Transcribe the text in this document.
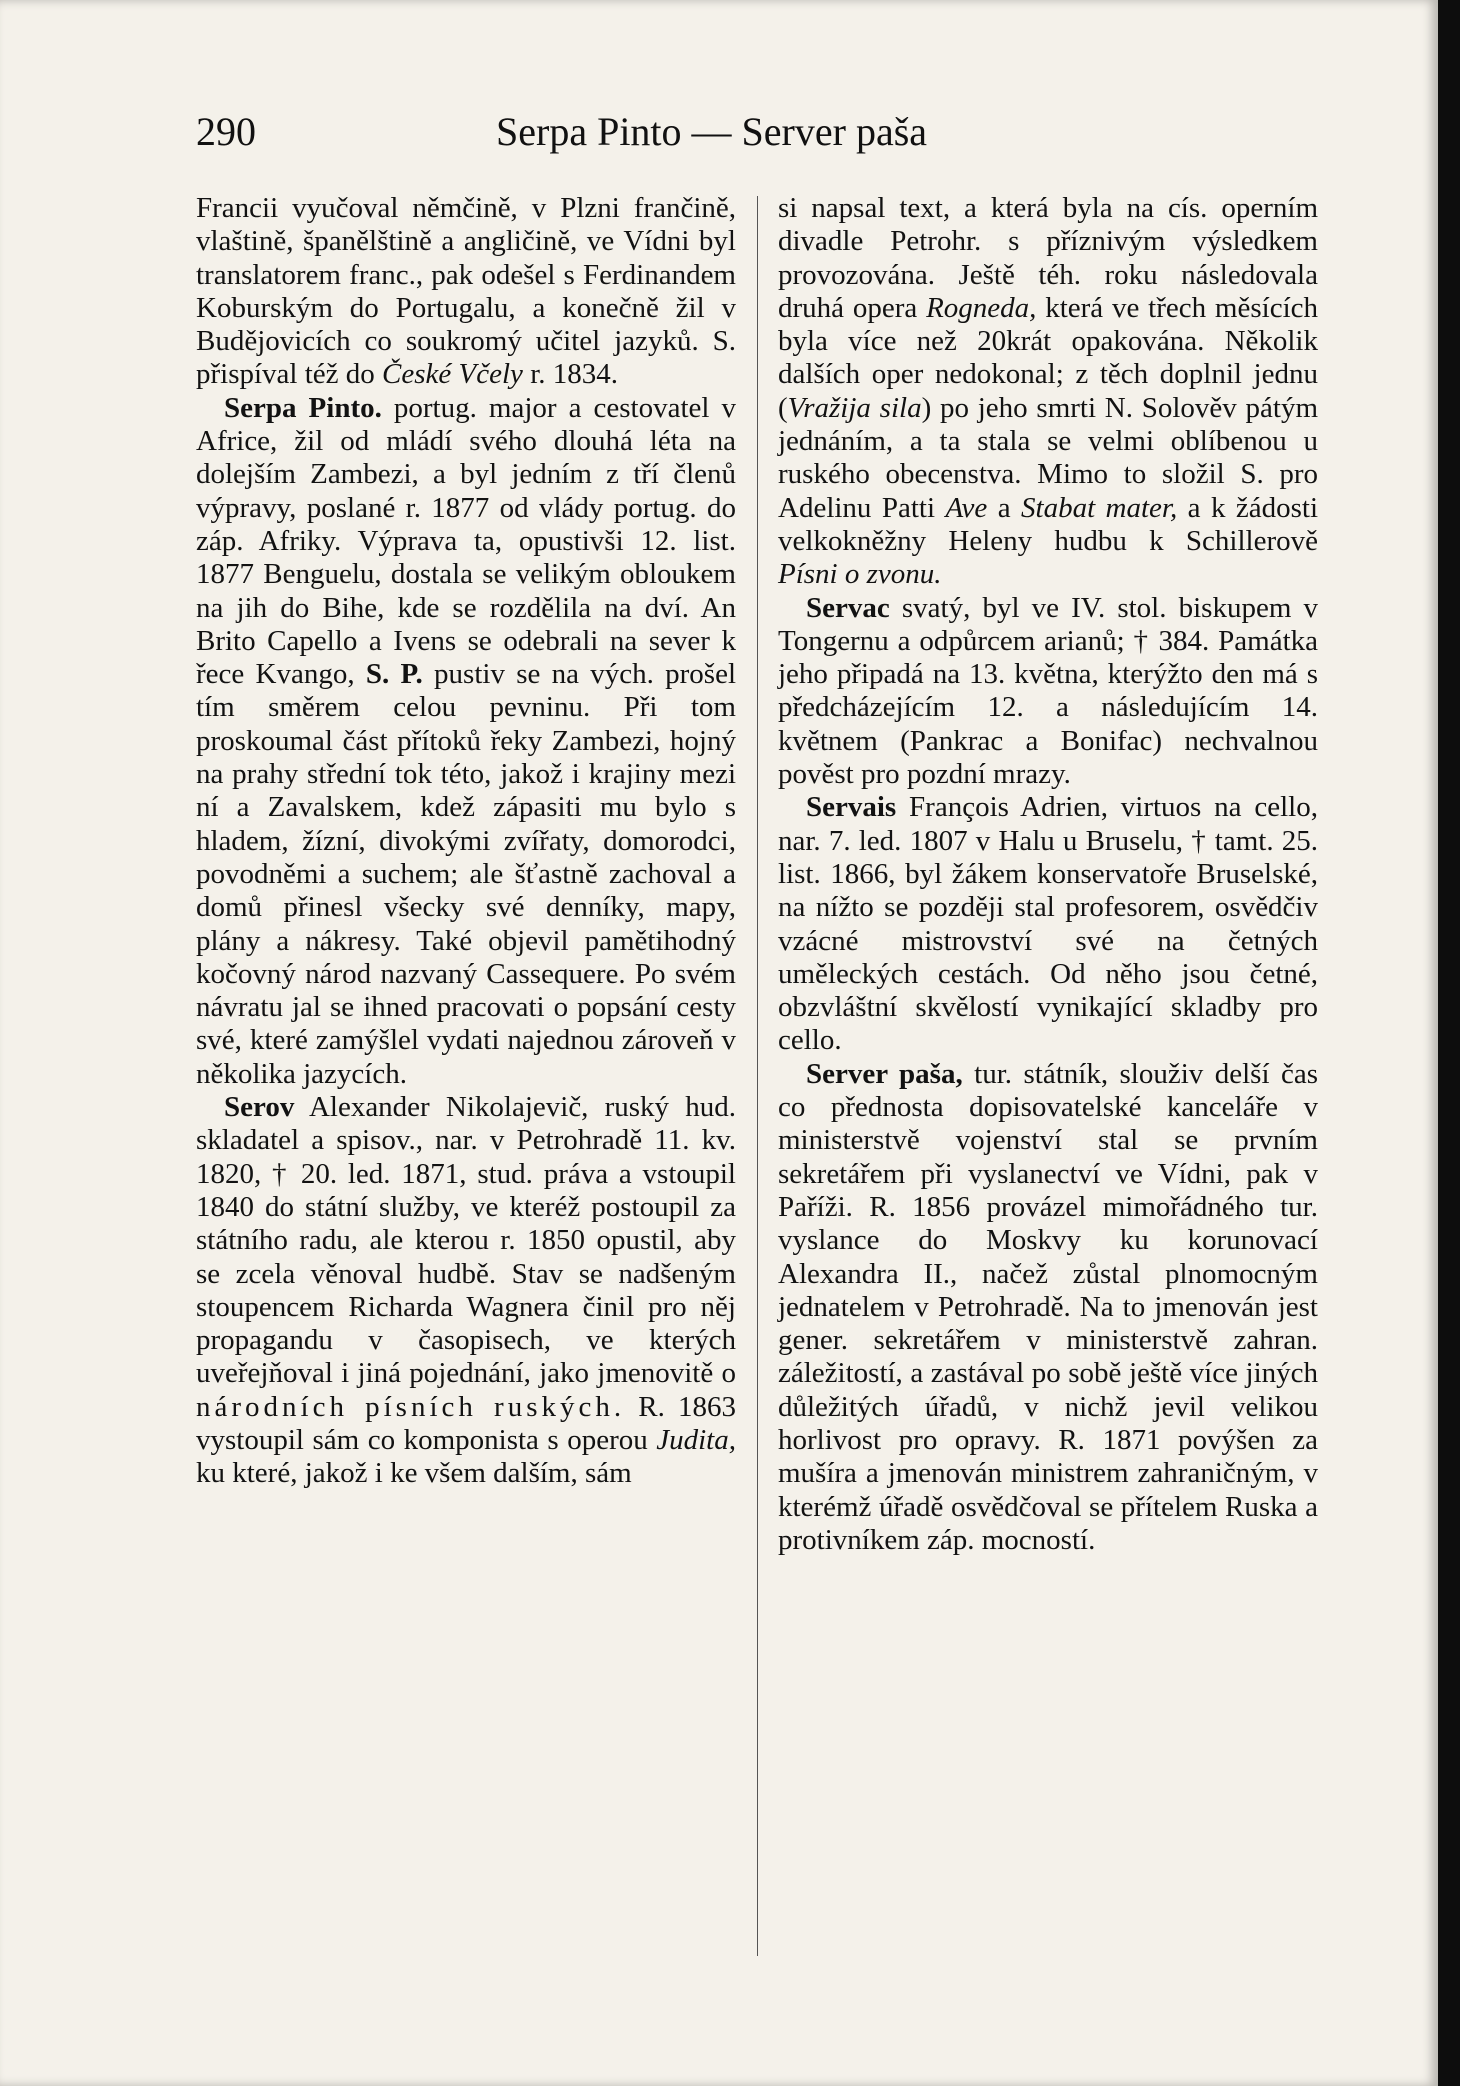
290	Serpa Pinto — Server paša

Francii vyučoval němčině, v Plzni frančině, vlaštině, španělštině a angličině, ve Vídni byl translatorem franc., pak odešel s Ferdinandem Koburským do Portugalu, a konečně žil v Budějovicích co soukromý učitel jazyků. S. přispíval též do České Včely r. 1834.

Serpa Pinto. portug. major a cestovatel v Africe, žil od mládí svého dlouhá léta na dolejším Zambezi, a byl jedním z tří členů výpravy, poslané r. 1877 od vlády portug. do záp. Afriky. Výprava ta, opustivši 12. list. 1877 Benguelu, dostala se velikým obloukem na jih do Bihe, kde se rozdělila na dví. An Brito Capello a Ivens se odebrali na sever k řece Kvango, S. P. pustiv se na vých. prošel tím směrem celou pevninu. Při tom proskoumal část přítoků řeky Zambezi, hojný na prahy střední tok této, jakož i krajiny mezi ní a Zavalskem, kdež zápasiti mu bylo s hladem, žízní, divokými zvířaty, domorodci, povodněmi a suchem; ale šťastně zachoval a domů přinesl všecky své denníky, mapy, plány a nákresy. Také objevil pamětihodný kočovný národ nazvaný Cassequere. Po svém návratu jal se ihned pracovati o popsání cesty své, které zamýšlel vydati najednou zároveň v několika jazycích.

Serov Alexander Nikolajevič, ruský hud. skladatel a spisov., nar. v Petrohradě 11. kv. 1820, † 20. led. 1871, stud. práva a vstoupil 1840 do státní služby, ve kteréž postoupil za státního radu, ale kterou r. 1850 opustil, aby se zcela věnoval hudbě. Stav se nadšeným stoupencem Richarda Wagnera činil pro něj propagandu v časopisech, ve kterých uveřejňoval i jiná pojednání, jako jmenovitě o národních písních ruských. R. 1863 vystoupil sám co komponista s operou Judita, ku které, jakož i ke všem dalším, sám

si napsal text, a která byla na cís. operním divadle Petrohr. s příznivým výsledkem provozována. Ještě téh. roku následovala druhá opera Rogneda, která ve třech měsících byla více než 20krát opakována. Několik dalších oper nedokonal; z těch doplnil jednu (Vražija sila) po jeho smrti N. Solověv pátým jednáním, a ta stala se velmi oblíbenou u ruského obecenstva. Mimo to složil S. pro Adelinu Patti Ave a Stabat mater, a k žádosti velkokněžny Heleny hudbu k Schillerově Písni o zvonu.

Servac svatý, byl ve IV. stol. biskupem v Tongernu a odpůrcem arianů; † 384. Památka jeho připadá na 13. května, kterýžto den má s předcházejícím 12. a následujícím 14. květnem (Pankrac a Bonifac) nechvalnou pověst pro pozdní mrazy.

Servais François Adrien, virtuos na cello, nar. 7. led. 1807 v Halu u Bruselu, † tamt. 25. list. 1866, byl žákem konservatoře Bruselské, na nížto se později stal profesorem, osvědčiv vzácné mistrovství své na četných uměleckých cestách. Od něho jsou četné, obzvláštní skvělostí vynikající skladby pro cello.

Server paša, tur. státník, slouživ delší čas co přednosta dopisovatelské kanceláře v ministerstvě vojenství stal se prvním sekretářem při vyslanectví ve Vídni, pak v Paříži. R. 1856 provázel mimořádného tur. vyslance do Moskvy ku korunovací Alexandra II., načež zůstal plnomocným jednatelem v Petrohradě. Na to jmenován jest gener. sekretářem v ministerstvě zahran. záležitostí, a zastával po sobě ještě více jiných důležitých úřadů, v nichž jevil velikou horlivost pro opravy. R. 1871 povýšen za mušíra a jmenován ministrem zahraničným, v kterémž úřadě osvědčoval se přítelem Ruska a protivníkem záp. mocností.
